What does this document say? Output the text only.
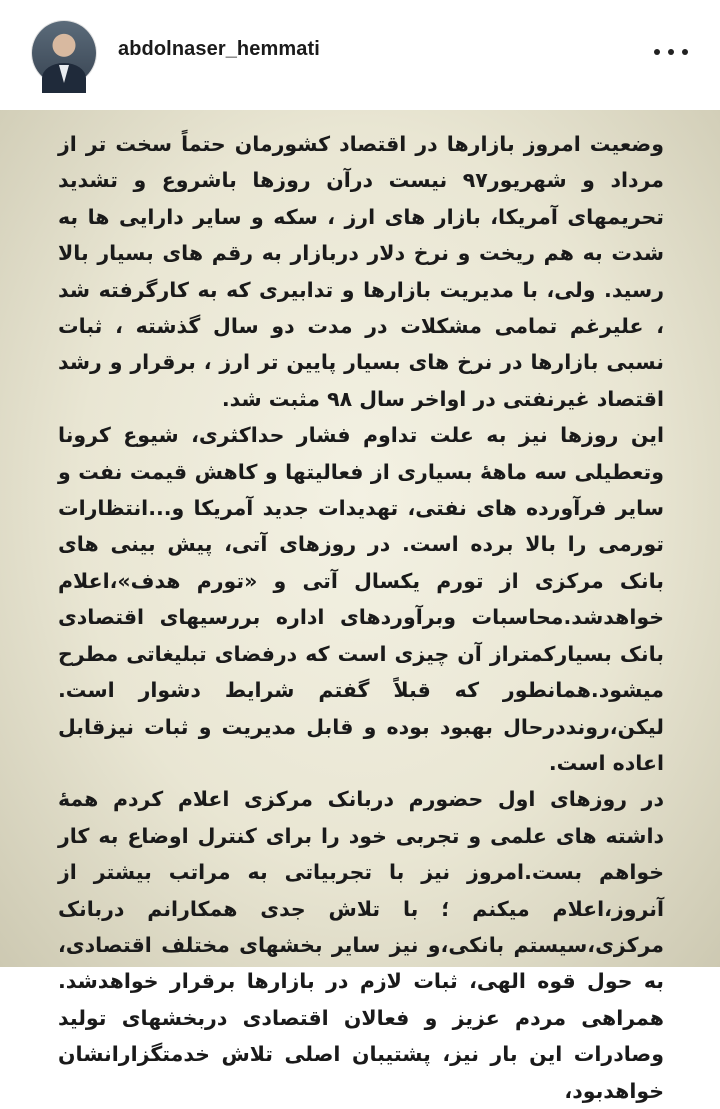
abdolnaser_hemmati

وضعیت امروز بازارها در اقتصاد کشورمان حتماً سخت تر از مرداد و شهریور۹۷ نیست درآن روزها باشروع و تشدید تحریمهای آمریکا، بازار های ارز ، سکه و سایر دارایی ها به شدت به هم ریخت و نرخ دلار دربازار به رقم های بسیار بالا رسید. ولی، با مدیریت بازارها و تدابیری که به کارگرفته شد ، علیرغم تمامی مشکلات در مدت دو سال گذشته ، ثبات نسبی بازارها در نرخ های بسیار پایین تر ارز ، برقرار و رشد اقتصاد غیرنفتی در اواخر سال ۹۸ مثبت شد.

این روزها نیز به علت تداوم فشار حداکثری، شیوع کرونا وتعطیلی سه ماههٔ بسیاری از فعالیتها و کاهش قیمت نفت و سایر فرآورده های نفتی، تهدیدات جدید آمریکا و...انتظارات تورمی را بالا برده است. در روزهای آتی، پیش بینی های بانک مرکزی از تورم یکسال آتی و «تورم هدف»،اعلام خواهدشد.محاسبات وبرآوردهای اداره بررسیهای اقتصادی بانک بسیارکمتراز آن چیزی است که درفضای تبلیغاتی مطرح میشود.همانطور که قبلاً گفتم شرایط دشوار است. لیکن،رونددرحال بهبود بوده و قابل مدیریت و ثبات نیزقابل اعاده است.

در روزهای اول حضورم دربانک مرکزی اعلام کردم همهٔ داشته های علمی و تجربی خود را برای کنترل اوضاع به کار خواهم بست.امروز نیز با تجربیاتی به مراتب بیشتر از آنروز،اعلام میکنم ؛ با تلاش جدی همکارانم دربانک مرکزی،سیستم بانکی،و نیز سایر بخشهای مختلف اقتصادی، به حول قوه الهی، ثبات لازم در بازارها برقرار خواهدشد. همراهی مردم عزیز و فعالان اقتصادی دربخشهای تولید وصادرات این بار نیز، پشتیبان اصلی تلاش خدمتگزارانشان خواهدبود،
